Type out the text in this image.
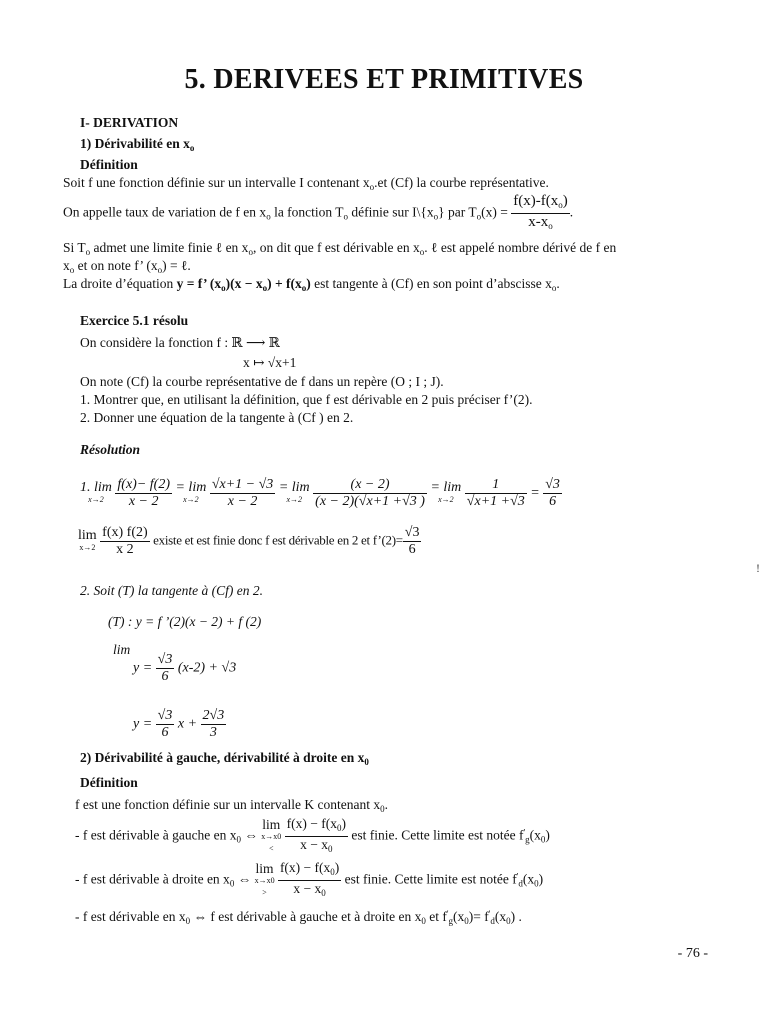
5. DERIVEES ET PRIMITIVES
I- DERIVATION
1) Dérivabilité en $x_o$
Définition
Soit f une fonction définie sur un intervalle I contenant $x_o.et$ (Cf) la courbe représentative.
On appelle taux de variation de f en $x_o$ la fonction $T_o$ définie sur $I\backslash\{x_o\}$ par $T_o(x) = \frac{f(x)-f(x_o)}{x-x_o}$ .
Si $T_o$ admet une limite finie ℓ en $x_o$, on dit que f est dérivable en $x_o$. ℓ est appelé nombre dérivé de f en
$x_o$ et on note f’ $(x_o)$ = ℓ.
La droite d’équation y = f’ $(x_o)(x - x_o) + f(x_o)$ est tangente à (Cf) en son point d’abscisse $x_o$.
Exercice 5.1 résolu
On considère la fonction f : ℝ ⟶ ℝ
x ↦ √x+1
On note (Cf) la courbe représentative de f dans un repère (O ; I ; J).
1. Montrer que, en utilisant la définition, que f est dérivable en 2 puis préciser f’(2).
2. Donner une équation de la tangente à (Cf ) en 2.
Résolution
1. lim
x→2
$\frac{f(x)- f(2)}{x - 2} = \lim$
x→2
$\frac{√x+1 - √3}{x - 2} = \lim$
x→2
$\frac{(x - 2)}{(x - 2)(√x+1 +√3 )} = \lim$
x→2
$\frac{1}{√x+1 +√3} = \frac{√3}{6}$
lim
x→2
$\frac{f(x) f(2)}{x 2}$ existe et est finie donc f est dérivable en 2 et f’(2)= $\frac{√3}{6}$
2. Soit (T) la tangente à (Cf) en 2.
(T) : y = f ’(2)(x − 2) + f (2)
lim
$y = \frac{√3}{6} (x-2) + √3$
$y = \frac{√3}{6}$ $x + \frac{2√3}{3}$
2) Dérivabilité à gauche, dérivabilité à droite en $x_0$
Définition
f est une fonction définie sur un intervalle K contenant $x_0$.
- f est dérivable à gauche en $x_0$ ⇔ lim
x→x0
<
$\frac{f(x) - f(x_0)}{x - x_0}$ est finie. Cette limite est notée $f'_g(x_0)$
- f est dérivable à droite en $x_0$ ⇔ lim
x→x0
>
$\frac{f(x) - f(x_0)}{x - x_0}$ est finie. Cette limite est notée $f'_d(x_0)$
- f est dérivable en $x_0$ ⇔ f est dérivable à gauche et à droite en $x_0$ et $f'_g(x_0)= f'_d(x_0)$ .
- 76 -
!
